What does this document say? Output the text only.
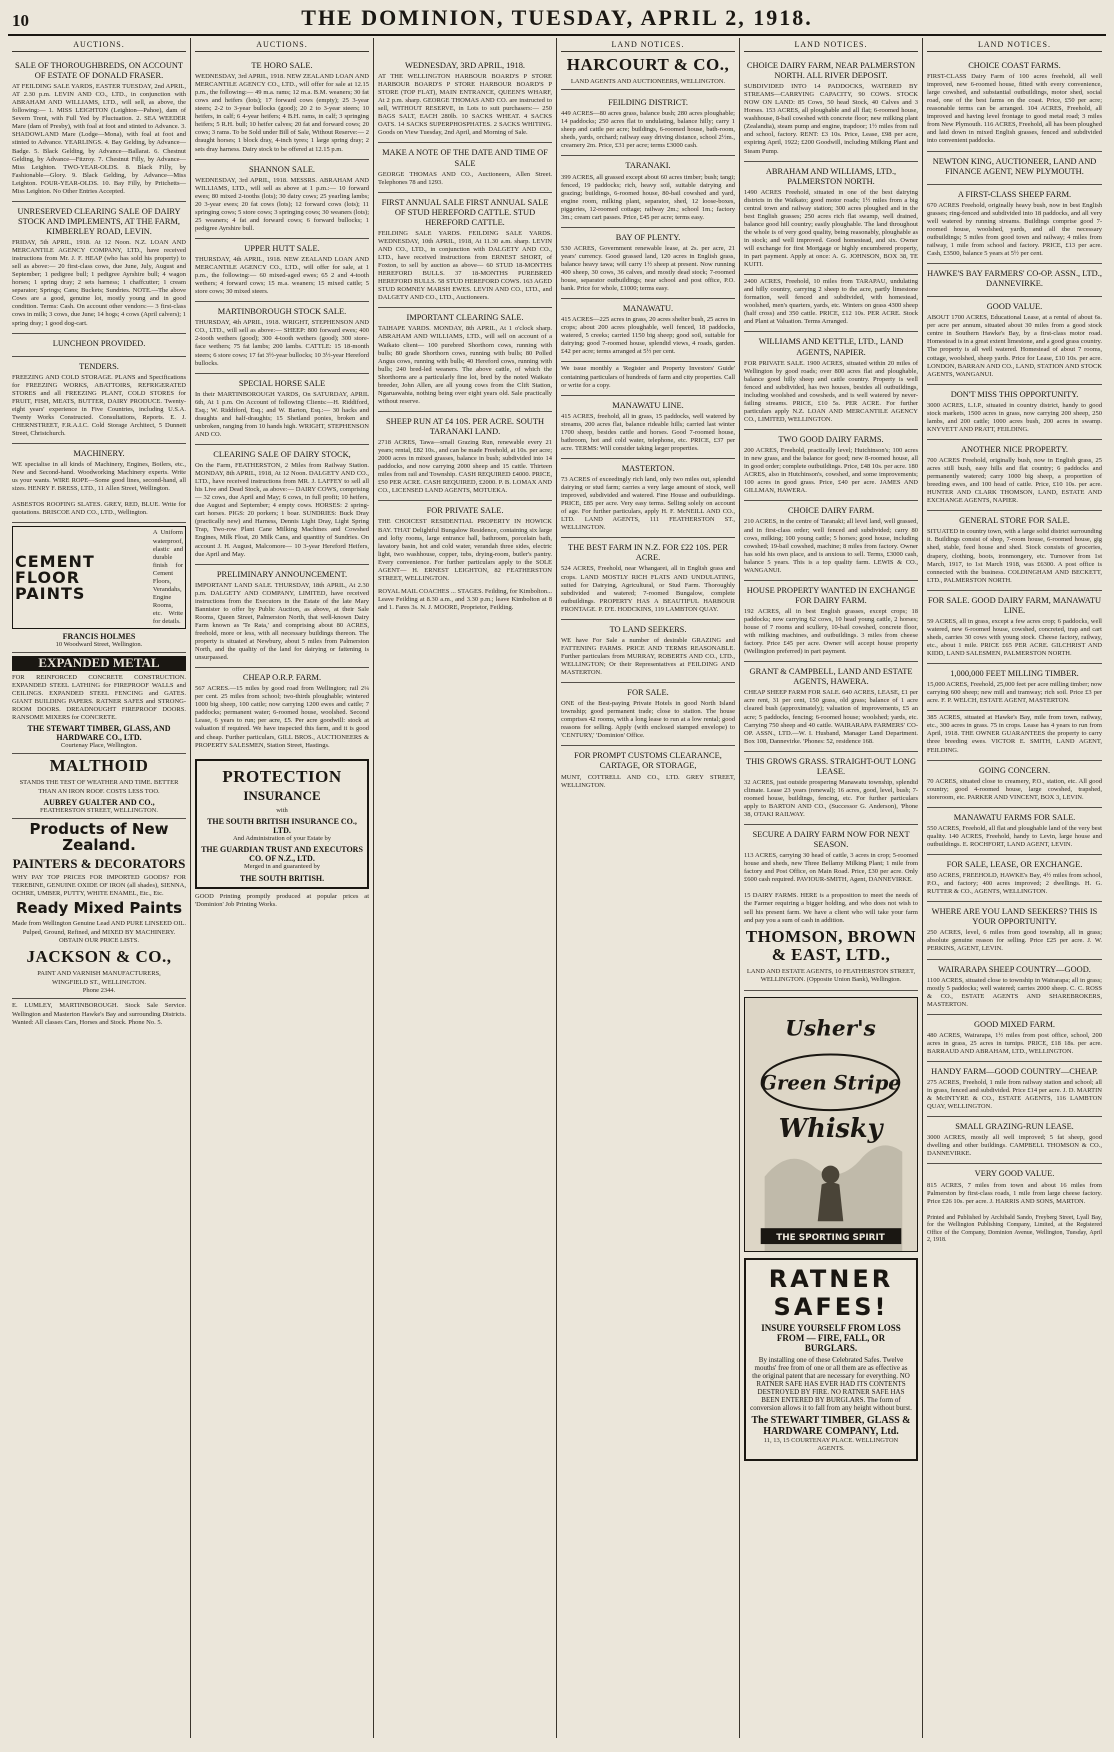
10	THE DOMINION, TUESDAY, APRIL 2, 1918.
AUCTIONS.
SALE OF THOROUGHBREDS, ON ACCOUNT OF ESTATE OF DONALD FRASER.
AT FEILDING SALE YARDS, EASTER TUESDAY, 2nd APRIL, AT 2.30 p.m. LEVIN AND CO., LTD., in conjunction with ABRAHAM AND WILLIAMS, LTD., will sell, as above, the following:— 1. MISS LEIGHTON (Leighton—Pahoe), dam of Severn Trent, with Full Yed by Fluctuation. 2. SEA WEEDER Mare (dam of Presby), with foal at foot and stinted to Advance. 3. SHADOWLAND Mare (Lodge—Mona), with foal at foot and stinted to Advance. YEARLINGS. 4. Bay Gelding, by Advance—Badge. 5. Black Gelding, by Advance—Ballarat. 6. Chestnut Gelding, by Advance—Fitzroy. 7. Chestnut Filly, by Advance—Miss Leighton. TWO-YEAR-OLDS. 8. Black Filly, by Fashionable—Glory. 9. Black Gelding, by Advance—Miss Leighton. FOUR-YEAR-OLDS. 10. Bay Filly, by Pritchetts—Miss Leighton. No Other Entries Accepted.
UNRESERVED CLEARING SALE OF DAIRY STOCK AND IMPLEMENTS, AT THE FARM, KIMBERLEY ROAD, LEVIN.
FRIDAY, 5th APRIL, 1918. At 12 Noon. N.Z. LOAN AND MERCANTILE AGENCY COMPANY, LTD., have received instructions from Mr. J. F. HEAP (who has sold his property) to sell as above:— 20 first-class cows, due June, July, August and September; 1 pedigree bull; 1 pedigree Ayrshire bull; 4 wagon horses; 1 spring dray; 2 sets harness; 1 chaffcutter; 1 cream separator; Springs; Cans; Buckets; Sundries. NOTE.—The above Cows are a good, genuine lot, mostly young and in good condition. Terms: Cash. On account other vendors:— 3 first-class cows in milk; 3 cows, due June; 14 hogs; 4 cows (April calvers); 1 spring dray; 1 good dog-cart.
LUNCHEON PROVIDED.
TENDERS.
FREEZING AND COLD STORAGE. PLANS and Specifications for FREEZING WORKS, ABATTOIRS, REFRIGERATED STORES and all FREEZING PLANT, COLD STORES for FRUIT, FISH, MEATS, BUTTER, DAIRY PRODUCE. Twenty-eight years' experience in Five Countries, including U.S.A. Twenty Works Constructed. Consultations, Reports. E. J. CHERNSTREET, F.R.A.I.C. Cold Storage Architect, 5 Dunnett Street, Christchurch.
MACHINERY.
WE specialise in all kinds of Machinery, Engines, Boilers, etc., New and Second-hand. Woodworking Machinery experts. Write us your wants. WIRE ROPE—Some good lines, second-hand, all sizes. HENRY F. BRESS, LTD., 11 Allen Street, Wellington.
ASBESTOS ROOFING SLATES. GREY, RED, BLUE. Write for quotations. BRISCOE AND CO., LTD., Wellington.
CEMENT FLOOR PAINTS
A Uniform waterproof, elastic and durable finish for Cement Floors, Verandahs, Engine Rooms, etc. Write for details.
FRANCIS HOLMES
10 Woodward Street, Wellington.
EXPANDED METAL
FOR REINFORCED CONCRETE CONSTRUCTION. EXPANDED STEEL LATHING for FIREPROOF WALLS and CEILINGS. EXPANDED STEEL FENCING and GATES. GIANT BUILDING PAPERS. RATNER SAFES and STRONG-ROOM DOORS. DREADNOUGHT FIREPROOF DOORS. RANSOME MIXERS for CONCRETE.
THE STEWART TIMBER, GLASS, AND HARDWARE CO., LTD.
Courtenay Place, Wellington.
MALTHOID
STANDS THE TEST OF WEATHER AND TIME. BETTER THAN AN IRON ROOF. COSTS LESS TOO.
AUBREY GUALTER AND CO.,
FEATHERSTON STREET, WELLINGTON.
Products of New Zealand.
PAINTERS & DECORATORS
WHY PAY TOP PRICES FOR IMPORTED GOODS? FOR TEREBINE, GENUINE OXIDE OF IRON (all shades), SIENNA, OCHRE, UMBER, PUTTY, WHITE ENAMEL, Etc., Etc.
Ready Mixed Paints
Made from Wellington Genuine Lead AND PURE LINSEED OIL. Pulped, Ground, Refined, and MIXED BY MACHINERY. OBTAIN OUR PRICE LISTS.
JACKSON & CO.,
PAINT AND VARNISH MANUFACTURERS,
WINGFIELD ST., WELLINGTON.
Phone 2344.
E. LUMLEY, MARTINBOROUGH. Stock Sale Service. Wellington and Masterton Hawke's Bay and surrounding Districts. Wanted: All classes Cars, Horses and Stock. Phone No. 5.
AUCTIONS.
TE HORO SALE.
WEDNESDAY, 3rd APRIL, 1918. NEW ZEALAND LOAN AND MERCANTILE AGENCY CO., LTD., will offer for sale at 12.15 p.m., the following:— 49 m.a. rams; 12 m.a. B.M. weaners; 30 fat cows and heifers (lots); 17 forward cows (empty); 25 3-year steers; 2-2 to 3-year bullocks (good); 20 2 to 3-year steers; 10 heifers, in calf; 6 4-year heifers; 4 B.H. rams, in calf; 3 springing heifers; 5 R.H. bull; 10 heifer calves; 20 fat and forward cows; 20 cows; 3 rams. To be Sold under Bill of Sale, Without Reserve:— 2 draught horses; 1 block dray, 4-inch tyres; 1 large spring dray; 2 sets dray harness. Dairy stock to be offered at 12.15 p.m.
SHANNON SALE.
WEDNESDAY, 3rd APRIL, 1918. MESSRS. ABRAHAM AND WILLIAMS, LTD., will sell as above at 1 p.m.:— 10 forward ewes; 80 mixed 2-tooths (lots); 30 dairy cows; 25 yearling lambs; 20 3-year ewes; 20 fat cows (lots); 12 forward cows (lots); 11 springing cows; 5 store cows; 3 springing cows; 30 weaners (lots); 25 weaners; 4 fat and forward cows; 6 forward bullocks; 1 pedigree Ayrshire bull.
UPPER HUTT SALE.
THURSDAY, 4th APRIL, 1918. NEW ZEALAND LOAN AND MERCANTILE AGENCY CO., LTD., will offer for sale, at 1 p.m., the following:— 60 mixed-aged ewes; 65 2 and 4-tooth wethers; 4 forward cows; 15 m.a. weaners; 15 mixed cattle; 5 store cows; 30 mixed steers.
MARTINBOROUGH STOCK SALE.
THURSDAY, 4th APRIL, 1918. WRIGHT, STEPHENSON AND CO., LTD., will sell as above:— SHEEP: 800 forward ewes; 400 2-tooth wethers (good); 300 4-tooth wethers (good); 300 store-face wethers; 75 fat lambs; 200 lambs. CATTLE: 15 18-month steers; 6 store cows; 17 fat 3½-year bullocks; 10 3½-year Hereford bullocks.
SPECIAL HORSE SALE
In their MARTINBOROUGH YARDS, On SATURDAY, APRIL 6th, At 1 p.m. On Account of following Clients:—H. Riddiford, Esq.; W. Riddiford, Esq.; and W. Barton, Esq.:— 30 hacks and draughts and half-draughts; 15 Shetland ponies, broken and unbroken, ranging from 10 hands high. WRIGHT, STEPHENSON AND CO.
CLEARING SALE OF DAIRY STOCK,
On the Farm, FEATHERSTON, 2 Miles from Railway Station. MONDAY, 8th APRIL, 1918, At 12 Noon. DALGETY AND CO., LTD., have received instructions from MR. J. LAFFEY to sell all his Live and Dead Stock, as above:— DAIRY COWS, comprising— 32 cows, due April and May; 6 cows, in full profit; 10 heifers, due August and September; 4 empty cows. HORSES: 2 spring-cart horses. PIGS: 20 porkers; 1 boar. SUNDRIES: Buck Dray (practically new) and Harness, Dennis Light Dray, Light Spring Trap, Two-row Plant Cane Milking Machines and Cowshed Engines, Milk Float, 20 Milk Cans, and quantity of Sundries. On account J. H. August, Malcomore— 10 3-year Hereford Heifers, due April and May.
PRELIMINARY ANNOUNCEMENT.
IMPORTANT LAND SALE. THURSDAY, 18th APRIL, At 2.30 p.m. DALGETY AND COMPANY, LIMITED, have received instructions from the Executors in the Estate of the late Mary Bannister to offer by Public Auction, as above, at their Sale Rooms, Queen Street, Palmerston North, that well-known Dairy Farm known as 'Te Rata,' and comprising about 80 ACRES, freehold, more or less, with all necessary buildings thereon. The property is situated at Newbury, about 5 miles from Palmerston North, and the quality of the land for dairying or fattening is unsurpassed.
CHEAP O.R.P. FARM.
567 ACRES.—15 miles by good road from Wellington; rail 2¼ per cent. 25 miles from school; two-thirds ploughable; wintered 1000 big sheep, 100 cattle; now carrying 1200 ewes and cattle; 7 paddocks; permanent water; 6-roomed house, woolshed. Second Lease, 6 years to run; per acre, £5. Per acre goodwill: stock at valuation if required. We have inspected this farm, and it is good and cheap. Further particulars, GILL BROS., AUCTIONEERS & PROPERTY SALESMEN, Station Street, Hastings.
PROTECTION
INSURANCE
with
THE SOUTH BRITISH INSURANCE CO., LTD.
And Administration of your Estate by
THE GUARDIAN TRUST AND EXECUTORS CO. OF N.Z., LTD.
Merged in and guaranteed by
THE SOUTH BRITISH.
GOOD Printing promptly produced at popular prices at 'Dominion' Job Printing Works.
WEDNESDAY, 3RD APRIL, 1918.
AT THE WELLINGTON HARBOUR BOARD'S P STORE HARBOUR BOARD'S P STORE HARBOUR BOARD'S P STORE (TOP FLAT), MAIN ENTRANCE, QUEEN'S WHARF, At 2 p.m. sharp. GEORGE THOMAS AND CO. are instructed to sell, WITHOUT RESERVE, in Lots to suit purchasers:— 250 BAGS SALT, EACH 280lb. 10 SACKS WHEAT. 4 SACKS OATS. 14 SACKS SUPERPHOSPHATES. 2 SACKS WHITING. Goods on View Tuesday, 2nd April, and Morning of Sale.
MAKE A NOTE OF THE DATE AND TIME OF SALE
GEORGE THOMAS AND CO., Auctioneers, Allen Street. Telephones 78 and 1293.
FIRST ANNUAL SALE FIRST ANNUAL SALE OF STUD HEREFORD CATTLE. STUD HEREFORD CATTLE.
FEILDING SALE YARDS. FEILDING SALE YARDS. WEDNESDAY, 10th APRIL, 1918, At 11.30 a.m. sharp. LEVIN AND CO., LTD., in conjunction with DALGETY AND CO., LTD., have received instructions from ERNEST SHORT, of Foxton, to sell by auction as above— 60 STUD 18-MONTHS HEREFORD BULLS. 37 18-MONTHS PUREBRED HEREFORD BULLS. 58 STUD HEREFORD COWS. 163 AGED STUD ROMNEY MARSH EWES. LEVIN AND CO., LTD., and DALGETY AND CO., LTD., Auctioneers.
IMPORTANT CLEARING SALE.
TAIHAPE YARDS. MONDAY, 8th APRIL, At 1 o'clock sharp. ABRAHAM AND WILLIAMS, LTD., will sell on account of a Waikato client— 100 purebred Shorthorn cows, running with bulls; 80 grade Shorthorn cows, running with bulls; 80 Polled Angus cows, running with bulls; 40 Hereford cows, running with bulls; 240 bred-led weaners. The above cattle, of which the Shorthorns are a particularly fine lot, bred by the noted Waikato breeder, John Allen, are all young cows from the Clift Station, Ngaruawahia, nothing being over eight years old. Sale practically without reserve.
SHEEP RUN AT £4 10S. PER ACRE. SOUTH TARANAKI LAND.
2718 ACRES, Tawa—small Grazing Run, renewable every 21 years; rental, £82 10s., and can be made Freehold, at 10s. per acre; 2000 acres in mixed grasses, balance in bush; subdivided into 14 paddocks, and now carrying 2000 sheep and 15 cattle. Thirteen miles from rail and Township. CASH REQUIRED £4000. PRICE, £50 PER ACRE. CASH REQUIRED, £2000. P. B. LOMAX AND CO., LICENSED LAND AGENTS, MOTUEKA.
FOR PRIVATE SALE.
THE CHOICEST RESIDENTIAL PROPERTY IN HOWICK BAY. THAT Delightful Bungalow Residence, containing six large and lofty rooms, large entrance hall, bathroom, porcelain bath, lavatory basin, hot and cold water, verandah three sides, electric light, two washhouse, copper, tubs, drying-room, butler's pantry. Every convenience. For further particulars apply to the SOLE AGENT— H. ERNEST LEIGHTON, 82 FEATHERSTON STREET, WELLINGTON.
ROYAL MAIL COACHES ... STAGES. Feilding, for Kimbolton... Leave Feilding at 8.30 a.m., and 3.30 p.m.; leave Kimbolton at 8 and 1. Fares 3s. N. J. MOORE, Proprietor, Feilding.
LAND NOTICES.
HARCOURT & CO.,
LAND AGENTS AND AUCTIONEERS, WELLINGTON.
FEILDING DISTRICT.
449 ACRES—80 acres grass, balance bush; 280 acres ploughable; 14 paddocks; 250 acres flat to undulating, balance hilly; carry 1 sheep and cattle per acre; buildings, 6-roomed house, bath-room, sheds, yards, orchard; railway easy driving distance, school 2½m., creamery 2m. Price, £31 per acre; terms £3000 cash.
TARANAKI.
399 ACRES, all grassed except about 60 acres timber; bush; tangi; fenced, 19 paddocks; rich, heavy soil, suitable dairying and grazing; buildings, 6-roomed house, 80-bail cowshed and yard, engine room, milking plant, separator, shed, 12 loose-boxes, piggeries, 12-roomed cottage; railway 2m.; school 1m.; factory 3m.; cream cart passes. Price, £45 per acre; terms easy.
BAY OF PLENTY.
530 ACRES, Government renewable lease, at 2s. per acre, 21 years' currency. Good grassed land, 120 acres in English grass, balance heavy tawa; will carry 1½ sheep at present. Now running 400 sheep, 30 cows, 36 calves, and mostly dead stock; 7-roomed house, separator outbuildings; near school and post office, P.O. bank. Price for whole, £1000; terms easy.
MANAWATU.
415 ACRES—225 acres in grass, 20 acres shelter bush, 25 acres in crops; about 200 acres ploughable, well fenced, 18 paddocks, watered, 5 creeks; carried 1150 big sheep; good soil, suitable for dairying; good 7-roomed house, splendid views, 4 roads, garden. £42 per acre; terms arranged at 5½ per cent.
We issue monthly a 'Register and Property Investors' Guide' containing particulars of hundreds of farm and city properties. Call or write for a copy.
MANAWATU LINE.
415 ACRES, freehold, all in grass, 15 paddocks, well watered by streams, 200 acres flat, balance rideable hills; carried last winter 1700 sheep, besides cattle and horses. Good 7-roomed house, bathroom, hot and cold water, telephone, etc. PRICE, £37 per acre. TERMS: Will consider taking larger properties.
MASTERTON.
73 ACRES of exceedingly rich land, only two miles out, splendid dairying or stud farm; carries a very large amount of stock, well improved, subdivided and watered. Fine House and outbuildings. PRICE, £85 per acre. Very easy terms. Selling solely on account of age. For further particulars, apply H. F. McNEILL AND CO., LTD. LAND AGENTS, 111 FEATHERSTON ST., WELLINGTON.
THE BEST FARM IN N.Z. FOR £22 10S. PER ACRE.
524 ACRES, Freehold, near Whangarei, all in English grass and crops. LAND MOSTLY RICH FLATS AND UNDULATING, suited for Dairying, Agricultural, or Stud Farm. Thoroughly subdivided and watered; 7-roomed Bungalow, complete outbuildings. PROPERTY HAS A BEAUTIFUL HARBOUR FRONTAGE. P. D'E. HODCKINS, 119 LAMBTON QUAY.
TO LAND SEEKERS.
WE have For Sale a number of desirable GRAZING and FATTENING FARMS. PRICE AND TERMS REASONABLE. Further particulars from MURRAY, ROBERTS AND CO., LTD., WELLINGTON; Or their Representatives at FEILDING AND MASTERTON.
FOR SALE.
ONE of the Best-paying Private Hotels in good North Island township; good permanent trade; close to station. The house comprises 42 rooms, with a long lease to run at a low rental; good reasons for selling. Apply (with enclosed stamped envelope) to 'CENTURY,' 'Dominion' Office.
FOR PROMPT CUSTOMS CLEARANCE, CARTAGE, OR STORAGE,
MUNT, COTTRELL AND CO., LTD. GREY STREET, WELLINGTON.
LAND NOTICES.
CHOICE DAIRY FARM, NEAR PALMERSTON NORTH. ALL RIVER DEPOSIT.
SUBDIVIDED INTO 14 PADDOCKS, WATERED BY STREAMS—CARRYING CAPACITY, 90 COWS. STOCK NOW ON LAND: 85 Cows, 50 head Stock, 40 Calves and 3 Horses. 153 ACRES, all ploughable and all flat; 6-roomed house, washhouse, 8-bail cowshed with concrete floor; new milking plant (Zealandia), steam pump and engine, trapdoor; 1½ miles from rail and school, factory. RENT: £3 10s. Price, Lease, £98 per acre, expiring April, 1922; £200 Goodwill, including Milking Plant and Steam Pump.
ABRAHAM AND WILLIAMS, LTD., PALMERSTON NORTH.
1490 ACRES Freehold, situated in one of the best dairying districts in the Waikato; good motor roads; 1½ miles from a big central town and railway station; 300 acres ploughed and in the best English grasses; 250 acres rich flat swamp, well drained, balance good hill country; easily ploughable. The land throughout the whole is of very good quality, being reasonably, ploughable as in stock; and well improved. Good homestead, and six. Owner will exchange for first Mortgage or highly encumbered property, in part payment. Apply at once: A. G. JOHNSON, BOX 38, TE KUITI.
2400 ACRES, Freehold, 10 miles from TARAPAU, undulating and hilly country, carrying 2 sheep to the acre, partly limestone formation, well fenced and subdivided, with homestead, woolshed, men's quarters, yards, etc. Winters on grass 4300 sheep (half cross) and 350 cattle. PRICE, £12 10s. PER ACRE. Stock and Plant at Valuation. Terms Arranged.
WILLIAMS AND KETTLE, LTD., LAND AGENTS, NAPIER.
FOR PRIVATE SALE. 1900 ACRES, situated within 20 miles of Wellington by good roads; over 800 acres flat and ploughable, balance good hilly sheep and cattle country. Property is well fenced and subdivided, has two houses, besides all outbuildings, including woolshed and cowsheds, and is well watered by never-failing streams. PRICE, £10 5s. PER ACRE. For further particulars apply N.Z. LOAN AND MERCANTILE AGENCY CO., LIMITED, WELLINGTON.
TWO GOOD DAIRY FARMS.
200 ACRES, Freehold, practically level; Hutchinson's; 100 acres in new grass, and the balance for good; new 8-roomed house, all in good order; complete outbuildings. Price, £48 10s. per acre. 180 ACRES, also in Hutchinson's, cowshed, and some improvements; 100 acres in good grass. Price, £40 per acre. JAMES AND GILLMAN, HAWERA.
CHOICE DAIRY FARM.
210 ACRES, in the centre of Taranaki; all level land, well grassed, and in first-class order; well fenced and subdivided; carry 80 cows, milking; 100 young cattle; 5 horses; good house, including cowshed; 19-bail cowshed, machine; 8 miles from factory. Owner has sold his own place, and is anxious to sell. Terms, £3000 cash, balance 5 years. This is a top quality farm. LEWIS & CO., WANGANUI.
HOUSE PROPERTY WANTED IN EXCHANGE FOR DAIRY FARM.
192 ACRES, all in best English grasses, except crops; 18 paddocks; now carrying 62 cows, 10 head young cattle, 2 horses; house of 7 rooms and scullery, 10-bail cowshed, concrete floor, with milking machines, and outbuildings. 3 miles from cheese factory. Price £45 per acre. Owner will accept house property (Wellington preferred) in part payment.
GRANT & CAMPBELL, LAND AND ESTATE AGENTS, HAWERA.
CHEAP SHEEP FARM FOR SALE. 640 ACRES, LEASE, £1 per acre rent, 31 per cent, 150 grass, old grass; balance of 1 acre cleared bush (approximately); valuation of improvements, £5 an acre; 5 paddocks, fencing; 6-roomed house; woolshed; yards, etc. Carrying 750 sheep and 40 cattle. WAIRARAPA FARMERS' CO-OP. ASSN., LTD.—W. I. Husband, Manager Land Department. Box 108, Dannevirke. 'Phones: 52, residence 168.
THIS GROWS GRASS. STRAIGHT-OUT LONG LEASE.
32 ACRES, just outside prospering Manawatu township, splendid climate. Lease 23 years (renewal); 16 acres, good, level, bush; 7-roomed house, buildings, fencing, etc. For further particulars apply to BARTON AND CO., (Successor G. Anderson), 'Phone 38, OTAKI RAILWAY.
SECURE A DAIRY FARM NOW FOR NEXT SEASON.
113 ACRES, carrying 30 head of cattle, 3 acres in crop; 5-roomed house and sheds, new Three Bellamy Milking Plant; 1 mile from factory and Post Office, on Main Road. Price, £30 per acre. Only £600 cash required. PAVIOUR-SMITH, Agent, DANNEVIRKE.
15 DAIRY FARMS. HERE is a proposition to meet the needs of the Farmer requiring a bigger holding, and who does not wish to sell his present farm. We have a client who will take your farm and pay you a sum of cash in addition.
THOMSON, BROWN & EAST, LTD.,
LAND AND ESTATE AGENTS, 10 FEATHERSTON STREET, WELLINGTON. (Opposite Union Bank), Wellington.
Usher's
Green Stripe
Whisky
THE SPORTING SPIRIT
RATNER SAFES!
INSURE YOURSELF FROM LOSS FROM — FIRE, FALL, OR BURGLARS.
By installing one of these Celebrated Safes. Twelve mouths' free from of one or all them are as effective as the original patent that are necessary for everything. NO RATNER SAFE HAS EVER HAD ITS CONTENTS DESTROYED BY FIRE. NO RATNER SAFE HAS BEEN ENTERED BY BURGLARS. The form of conversion allows it to fall from any height without burst.
The STEWART TIMBER, GLASS & HARDWARE COMPANY, Ltd.
11, 13, 15 COURTENAY PLACE. WELLINGTON AGENTS.
LAND NOTICES.
CHOICE COAST FARMS.
FIRST-CLASS Dairy Farm of 100 acres freehold, all well improved, new 6-roomed house, fitted with every convenience, large cowshed, and substantial outbuildings, motor shed, social road, one of the best farms on the coast. Price, £50 per acre; reasonable terms can be arranged. 104 ACRES, Freehold, all improved and having level frontage to good metal road; 3 miles from New Plymouth. 116 ACRES, Freehold, all has been ploughed and laid down in mixed English grasses, fenced and subdivided into convenient paddocks.
NEWTON KING, AUCTIONEER, LAND AND FINANCE AGENT, NEW PLYMOUTH.
A FIRST-CLASS SHEEP FARM.
670 ACRES Freehold, originally heavy bush, now in best English grasses; ring-fenced and subdivided into 18 paddocks, and all very well watered by running streams. Buildings comprise good 7-roomed house, woolshed, yards, and all the necessary outbuildings; 5 miles from good town and railway; 4 miles from railway, 1 mile from school and factory. PRICE, £13 per acre. Cash, £3500, balance 5 years at 5½ per cent.
HAWKE'S BAY FARMERS' CO-OP. ASSN., LTD., DANNEVIRKE.
GOOD VALUE.
ABOUT 1700 ACRES, Educational Lease, at a rental of about 6s. per acre per annum, situated about 30 miles from a good stock centre in Southern Hawke's Bay, by a first-class motor road. Homestead is in a great extent limestone, and a good grass country. The property is all well watered. Homestead of about 7 rooms, cottage, woolshed, sheep yards. Price for Lease, £10 10s. per acre. LONDON, BARRAN AND CO., LAND, STATION AND STOCK AGENTS, WANGANUI.
DON'T MISS THIS OPPORTUNITY.
3000 ACRES, L.I.P., situated in country district, handy to good stock markets, 1500 acres in grass, now carrying 200 sheep, 250 lambs, and 200 cattle; 1000 acres bush, 200 acres in swamp. KNYVETT AND PRATT, FEILDING.
ANOTHER NICE PROPERTY.
700 ACRES Freehold, originally bush, now in English grass, 25 acres still bush, easy hills and flat country; 6 paddocks and permanently watered; carry 1000 big sheep, a proportion of breeding ewes, and 100 head of cattle. Price, £10 10s. per acre. HUNTER AND CLARK THOMSON, LAND, ESTATE AND EXCHANGE AGENTS, NAPIER.
GENERAL STORE FOR SALE.
SITUATED in country town, with a large solid district surrounding it. Buildings consist of shop, 7-room house, 6-roomed house, gig shed, stable, feed house and shed. Stock consists of groceries, drapery, clothing, boots, ironmongery, etc. Turnover from 1st March, 1917, to 1st March 1918, was £6300. A post office is connected with the business. COLDINGHAM AND BECKETT, LTD., PALMERSTON NORTH.
FOR SALE. GOOD DAIRY FARM, MANAWATU LINE.
59 ACRES, all in grass, except a few acres crop; 6 paddocks, well watered, new 6-roomed house, cowshed, concreted, trap and cart sheds, carries 30 cows with young stock. Cheese factory, railway, etc., about 1 mile. PRICE £65 PER ACRE. GILCHRIST AND KIDD, LAND SALESMEN, PALMERSTON NORTH.
1,000,000 FEET MILLING TIMBER.
15,000 ACRES, Freehold, 25,000 feet per acre milling timber; now carrying 600 sheep; new mill and tramway; rich soil. Price £3 per acre. F. P. WELCH, ESTATE AGENT, MASTERTON.
385 ACRES, situated at Hawke's Bay, mile from town, railway, etc., 300 acres in grass. 75 in crops. Lease has 4 years to run from April, 1918. THE OWNER GUARANTEES the property to carry three breeding ewes. VICTOR E. SMITH, LAND AGENT, FEILDING.
GOING CONCERN.
70 ACRES, situated close to creamery, P.O., station, etc. All good country; good 4-roomed house, large cowshed, trapshed, storeroom, etc. PARKER AND VINCENT, BOX 3, LEVIN.
MANAWATU FARMS FOR SALE.
550 ACRES, Freehold, all flat and ploughable land of the very best quality. 140 ACRES, Freehold, handy to Levin, large house and outbuildings. E. ROCHFORT, LAND AGENT, LEVIN.
FOR SALE, LEASE, OR EXCHANGE.
850 ACRES, FREEHOLD, HAWKE's Bay, 4½ miles from school, P.O., and factory; 400 acres improved; 2 dwellings. H. G. RUTTER & CO., AGENTS, WELLINGTON.
WHERE ARE YOU LAND SEEKERS? THIS IS YOUR OPPORTUNITY.
250 ACRES, level, 6 miles from good township, all in grass; absolute genuine reason for selling. Price £25 per acre. J. W. PERKINS, AGENT, LEVIN.
WAIRARAPA SHEEP COUNTRY—GOOD.
1100 ACRES, situated close to township in Wairarapa; all in grass; mostly 5 paddocks; well watered; carries 2000 sheep. C. C. ROSS & CO., ESTATE AGENTS AND SHAREBROKERS, MASTERTON.
GOOD MIXED FARM.
480 ACRES, Wairarapa, 1½ miles from post office, school, 200 acres in grass, 25 acres in turnips. PRICE, £18 18s. per acre. BARRAUD AND ABRAHAM, LTD., WELLINGTON.
HANDY FARM—GOOD COUNTRY—CHEAP.
275 ACRES, Freehold, 1 mile from railway station and school; all in grass, fenced and subdivided. Price £14 per acre. J. D. MARTIN & McINTYRE & CO., ESTATE AGENTS, 116 LAMBTON QUAY, WELLINGTON.
SMALL GRAZING-RUN LEASE.
3000 ACRES, mostly all well improved; 5 fat sheep, good dwelling and other buildings. CAMPBELL THOMSON & CO., DANNEVIRKE.
VERY GOOD VALUE.
815 ACRES, 7 miles from town and about 16 miles from Palmerston by first-class roads, 1 mile from large cheese factory. Price £26 10s. per acre. J. HARRIS AND SONS, MARTON.
Printed and Published by Archibald Sando, Freyberg Street, Lyall Bay, for the Wellington Publishing Company, Limited, at the Registered Office of the Company, Dominion Avenue, Wellington, Tuesday, April 2, 1918.
